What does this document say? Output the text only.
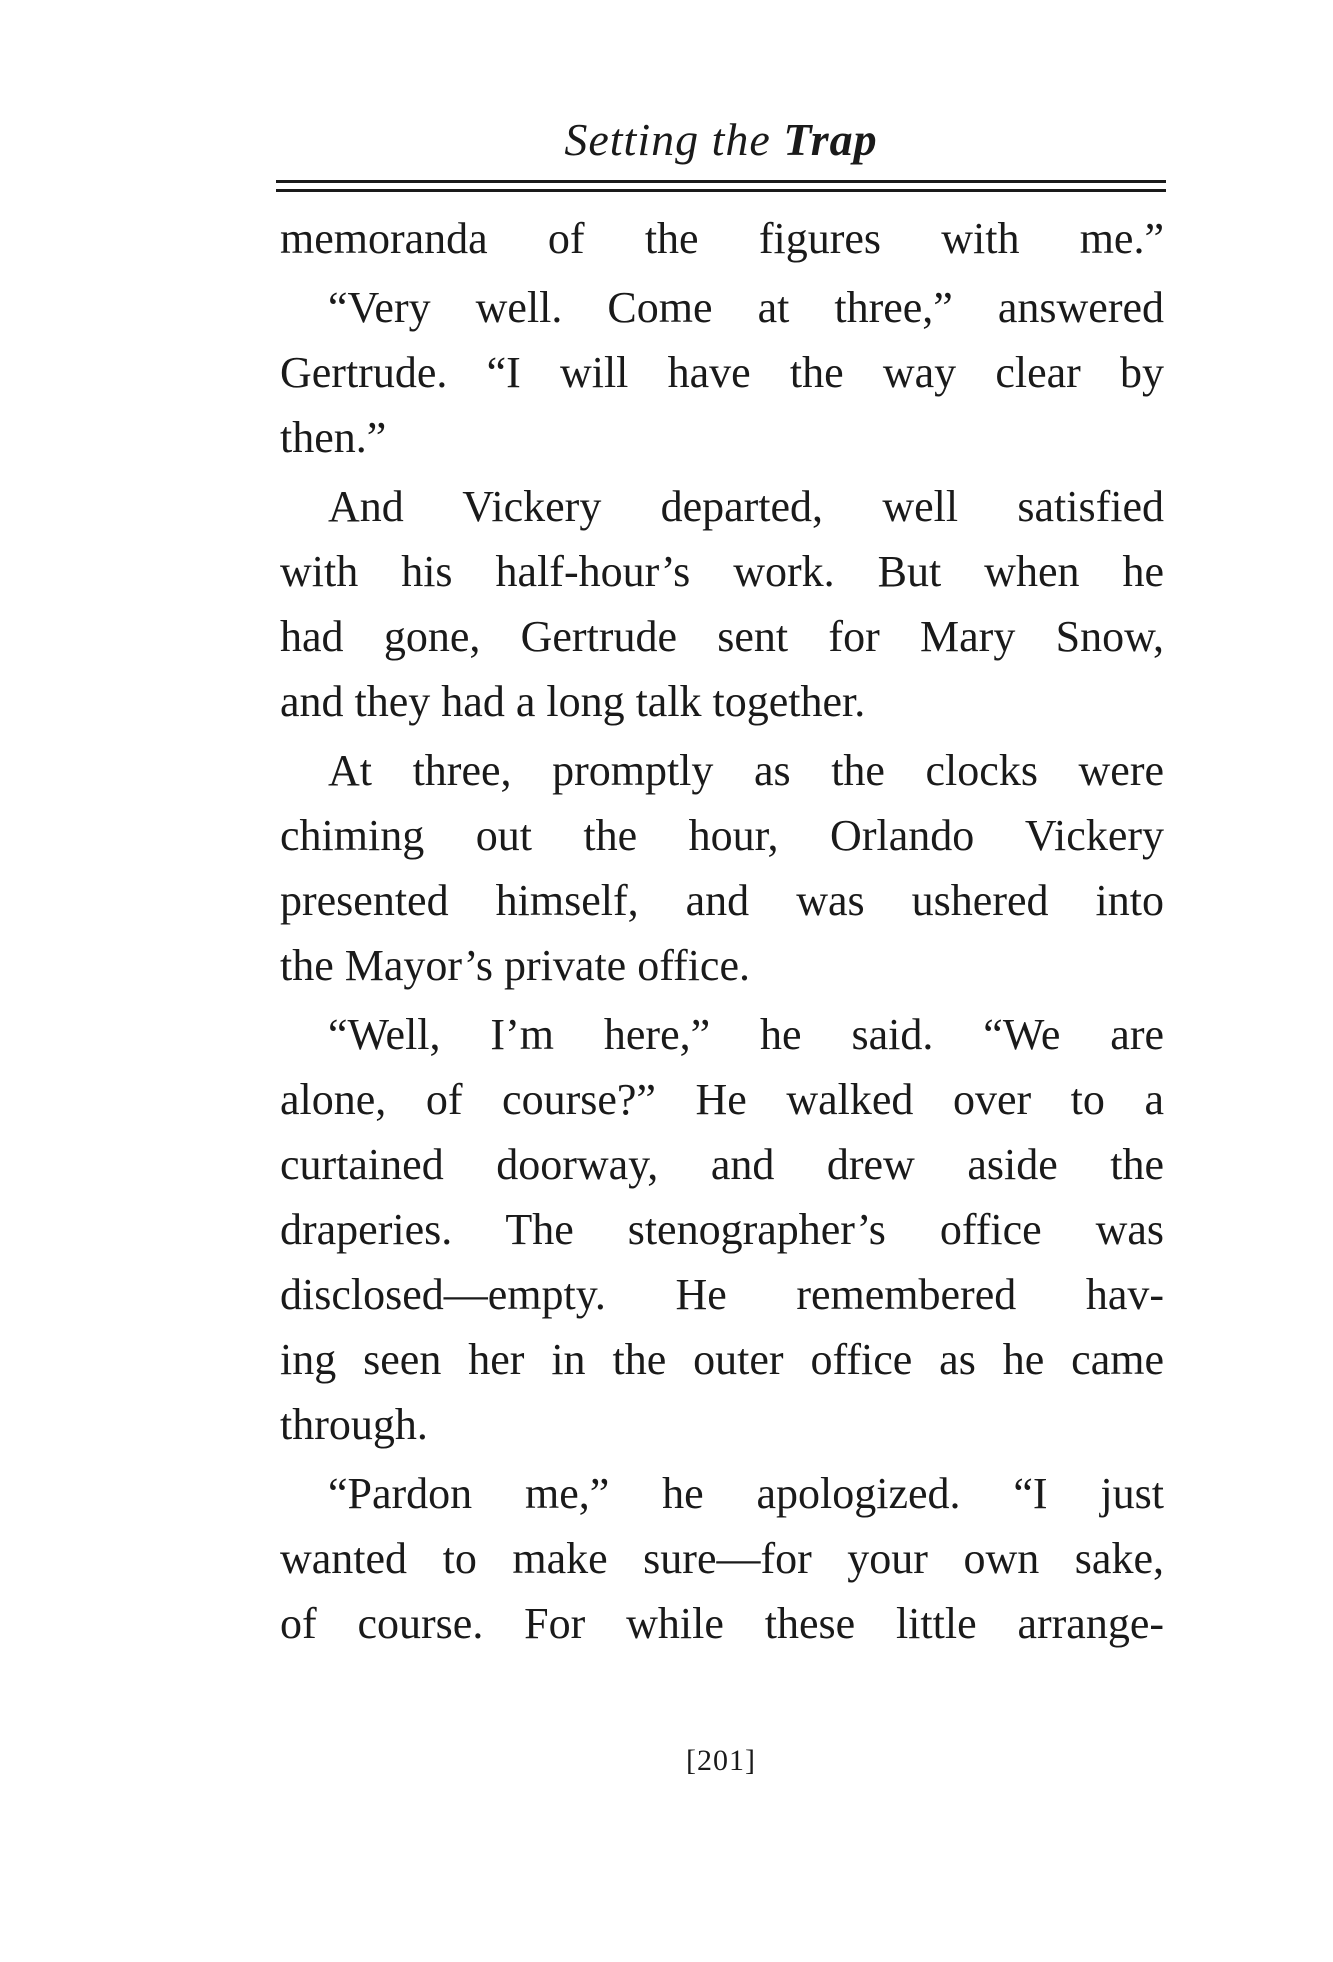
Setting the Trap
memoranda of the figures with me.”
“Very well. Come at three,” answered
Gertrude. “I will have the way clear by
then.”
And Vickery departed, well satisfied
with his half-hour’s work. But when he
had gone, Gertrude sent for Mary Snow,
and they had a long talk together.
At three, promptly as the clocks were
chiming out the hour, Orlando Vickery
presented himself, and was ushered into
the Mayor’s private office.
“Well, I’m here,” he said. “We are
alone, of course?” He walked over to a
curtained doorway, and drew aside the
draperies. The stenographer’s office was
disclosed—empty. He remembered hav-
ing seen her in the outer office as he came
through.
“Pardon me,” he apologized. “I just
wanted to make sure—for your own sake,
of course. For while these little arrange-
[201]
